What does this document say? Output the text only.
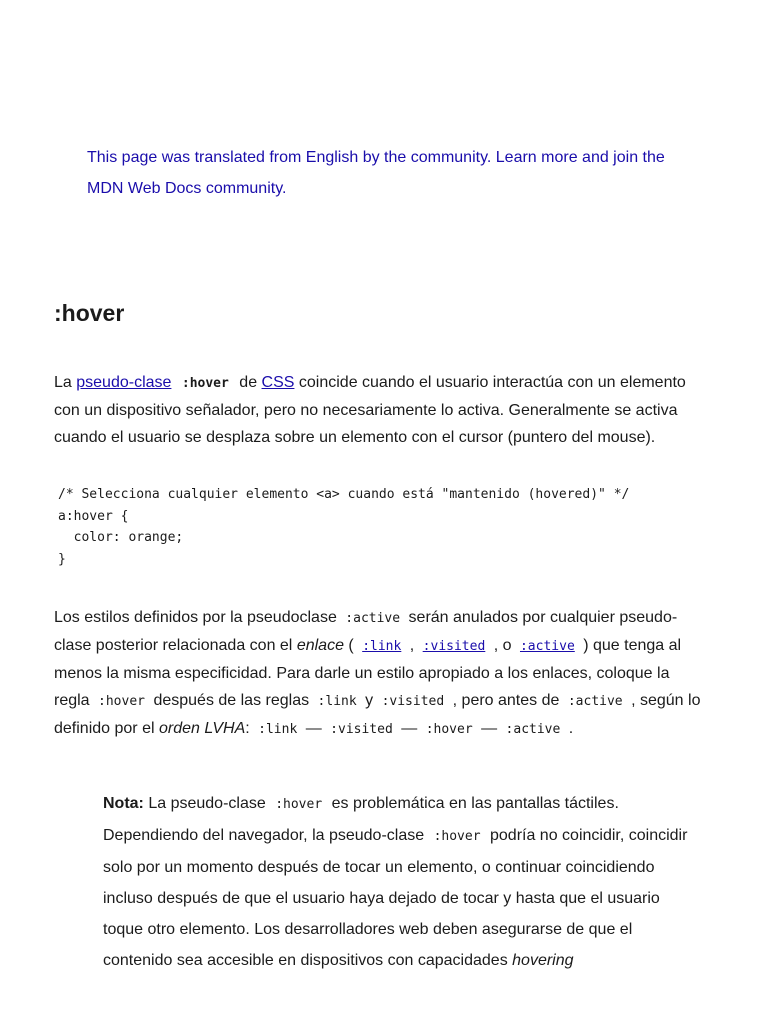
This page was translated from English by the community. Learn more and join the MDN Web Docs community.
:hover

La pseudo-clase :hover de CSS coincide cuando el usuario interactúa con un elemento con un dispositivo señalador, pero no necesariamente lo activa. Generalmente se activa cuando el usuario se desplaza sobre un elemento con el cursor (puntero del mouse).

/* Selecciona cualquier elemento <a> cuando está "mantenido (hovered)" */
a:hover {
color: orange;
}

Los estilos definidos por la pseudoclase :active serán anulados por cualquier pseudo-clase posterior relacionada con el enlace ( :link , :visited , o :active ) que tenga al menos la misma especificidad. Para darle un estilo apropiado a los enlaces, coloque la regla :hover después de las reglas :link y :visited , pero antes de :active , según lo definido por el orden LVHA: :link — :visited — :hover — :active .

Nota: La pseudo-clase :hover es problemática en las pantallas táctiles. Dependiendo del navegador, la pseudo-clase :hover podría no coincidir, coincidir solo por un momento después de tocar un elemento, o continuar coincidiendo incluso después de que el usuario haya dejado de tocar y hasta que el usuario toque otro elemento. Los desarrolladores web deben asegurarse de que el contenido sea accesible en dispositivos con capacidades hovering
